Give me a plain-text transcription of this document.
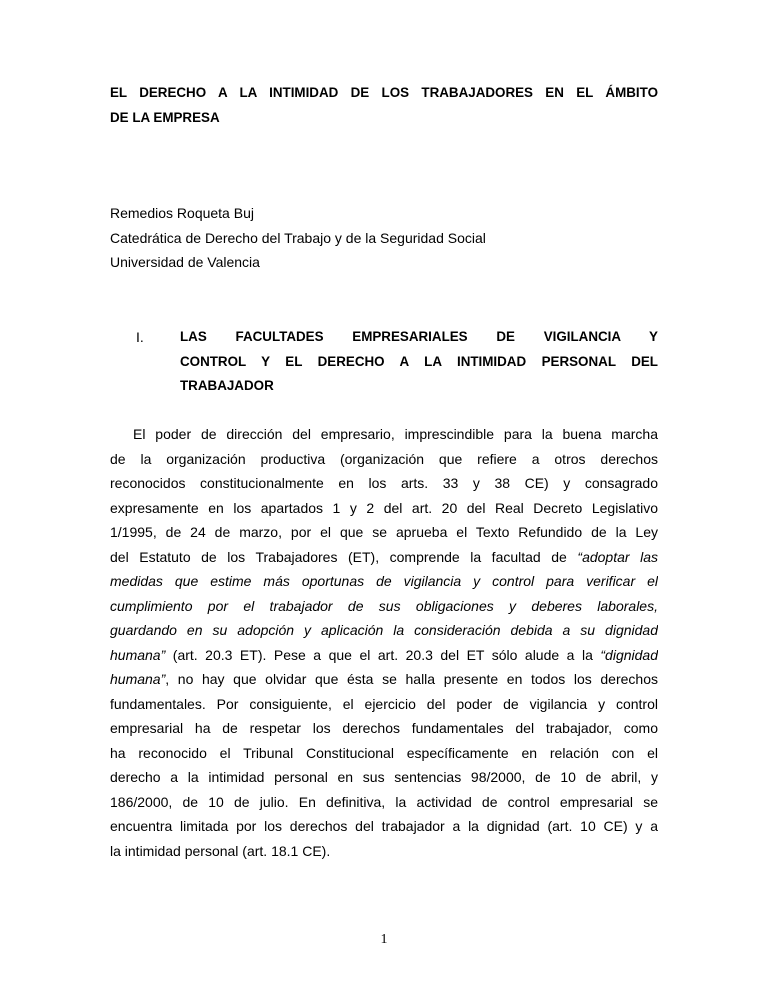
EL DERECHO A LA INTIMIDAD DE LOS TRABAJADORES EN EL ÁMBITO
DE LA EMPRESA
Remedios Roqueta Buj
Catedrática de Derecho del Trabajo y de la Seguridad Social
Universidad de Valencia
I.	LAS FACULTADES EMPRESARIALES DE VIGILANCIA Y
CONTROL Y EL DERECHO A LA INTIMIDAD PERSONAL DEL
TRABAJADOR
El poder de dirección del empresario, imprescindible para la buena marcha
de la organización productiva (organización que refiere a otros derechos
reconocidos constitucionalmente en los arts. 33 y 38 CE) y consagrado
expresamente en los apartados 1 y 2 del art. 20 del Real Decreto Legislativo
1/1995, de 24 de marzo, por el que se aprueba el Texto Refundido de la Ley
del Estatuto de los Trabajadores (ET), comprende la facultad de “adoptar las
medidas que estime más oportunas de vigilancia y control para verificar el
cumplimiento por el trabajador de sus obligaciones y deberes laborales,
guardando en su adopción y aplicación la consideración debida a su dignidad
humana” (art. 20.3 ET). Pese a que el art. 20.3 del ET sólo alude a la “dignidad
humana”, no hay que olvidar que ésta se halla presente en todos los derechos
fundamentales. Por consiguiente, el ejercicio del poder de vigilancia y control
empresarial ha de respetar los derechos fundamentales del trabajador, como
ha reconocido el Tribunal Constitucional específicamente en relación con el
derecho a la intimidad personal en sus sentencias 98/2000, de 10 de abril, y
186/2000, de 10 de julio. En definitiva, la actividad de control empresarial se
encuentra limitada por los derechos del trabajador a la dignidad (art. 10 CE) y a
la intimidad personal (art. 18.1 CE).
1
